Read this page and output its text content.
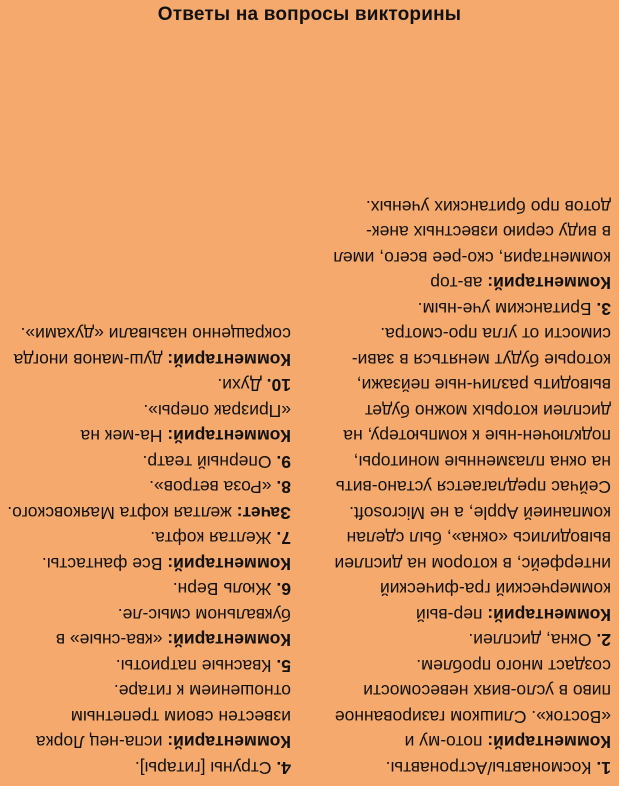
Ответы на вопросы викторины

1. Космонавты/Астронавты.

Комментарий: пото-му и «Восток». Слишком газированное пиво в усло-виях невесомости создаст много проблем.

2. Окна, дисплеи.

Комментарий: пер-вый коммерческий гра-фический интерфейс, в котором на дисплеи выводились «окна», был сделан компанией Apple, а не Microsoft. Сейчас предлагается устано-вить на окна плазменные мониторы, подключен-ные к компьютеру, на дисплеи которых можно будет выводить различ-ные пейзажи, которые будут меняться в зави-симости от угла про-смотра.

3. Британским уче-ным.

Комментарий: ав-тор комментария, ско-рее всего, имел в виду серию известных анек-дотов про британских ученых.

4. Струны [гитары].

Комментарий: испа-нец Лорка известен своим трепетным отношением к гитаре.

5. Квасные патриоты.

Комментарий: «ква-сные» в буквальном смыс-ле.

6. Жюль Верн.

Комментарий: Все фантасты.

7. Желтая кофта.

Зачет: желтая кофта Маяковского.

8. «Роза ветров».

9. Оперный театр.

Комментарий: На-мек на «Призрак оперы».

10. Духи.

Комментарий: душ-манов иногда сокращенно называли «духами».
